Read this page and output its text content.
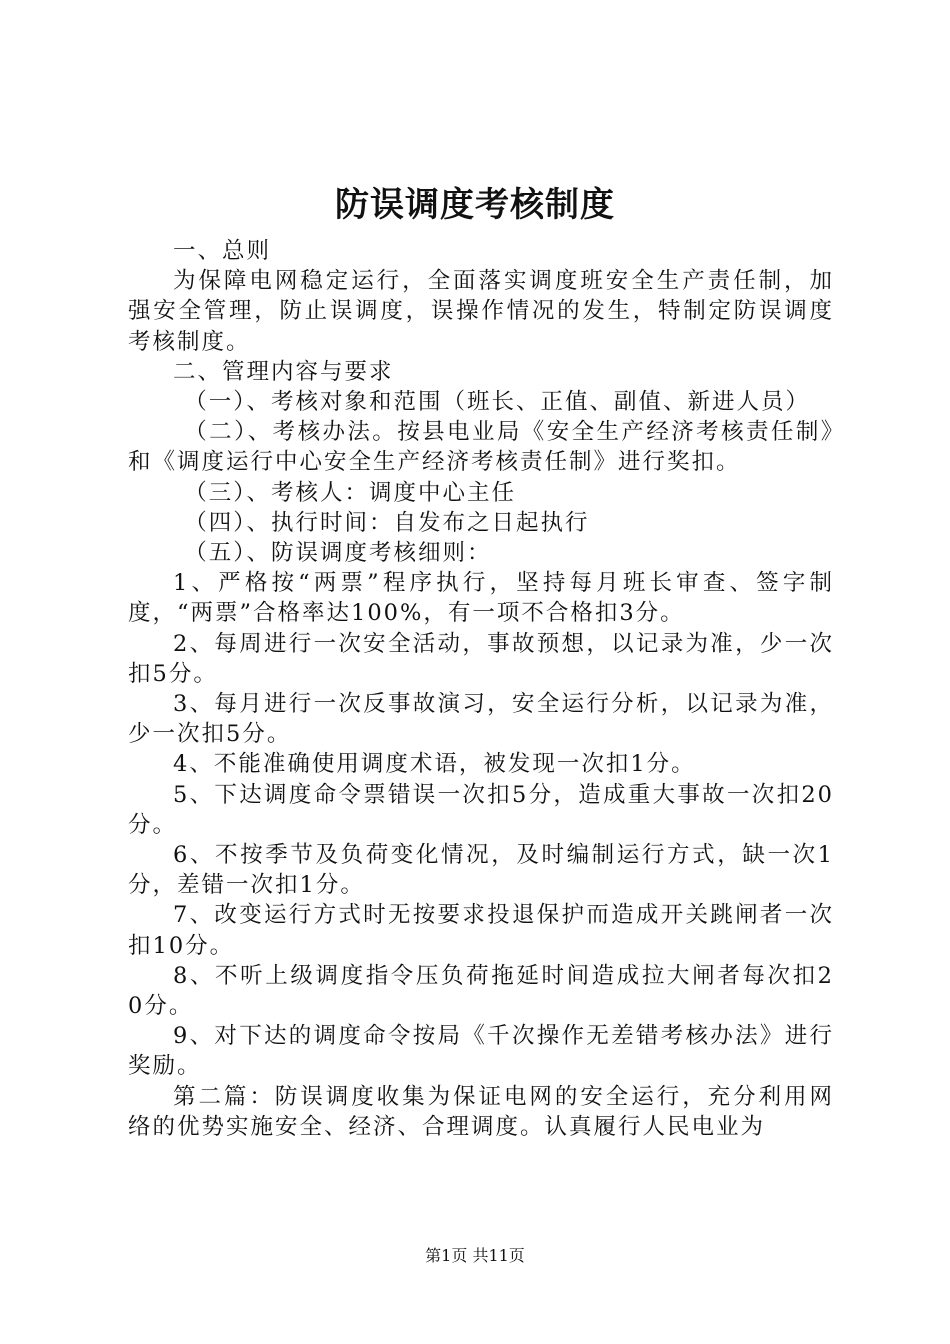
防误调度考核制度

一、总则

为保障电网稳定运行，全面落实调度班安全生产责任制，加强安全管理，防止误调度，误操作情况的发生，特制定防误调度考核制度。

二、管理内容与要求

（一）、考核对象和范围（班长、正值、副值、新进人员）

（二）、考核办法。按县电业局《安全生产经济考核责任制》和《调度运行中心安全生产经济考核责任制》进行奖扣。

（三）、考核人：调度中心主任

（四）、执行时间：自发布之日起执行

（五）、防误调度考核细则：

1、严格按“两票”程序执行，坚持每月班长审查、签字制度，“两票”合格率达100%，有一项不合格扣3分。

2、每周进行一次安全活动，事故预想，以记录为准，少一次扣5分。

3、每月进行一次反事故演习，安全运行分析，以记录为准，少一次扣5分。

4、不能准确使用调度术语，被发现一次扣1分。

5、下达调度命令票错误一次扣5分，造成重大事故一次扣20分。

6、不按季节及负荷变化情况，及时编制运行方式，缺一次1分，差错一次扣1分。

7、改变运行方式时无按要求投退保护而造成开关跳闸者一次扣10分。

8、不听上级调度指令压负荷拖延时间造成拉大闸者每次扣20分。

9、对下达的调度命令按局《千次操作无差错考核办法》进行奖励。

第二篇：防误调度收集为保证电网的安全运行，充分利用网络的优势实施安全、经济、合理调度。认真履行人民电业为

第1页 共11页
